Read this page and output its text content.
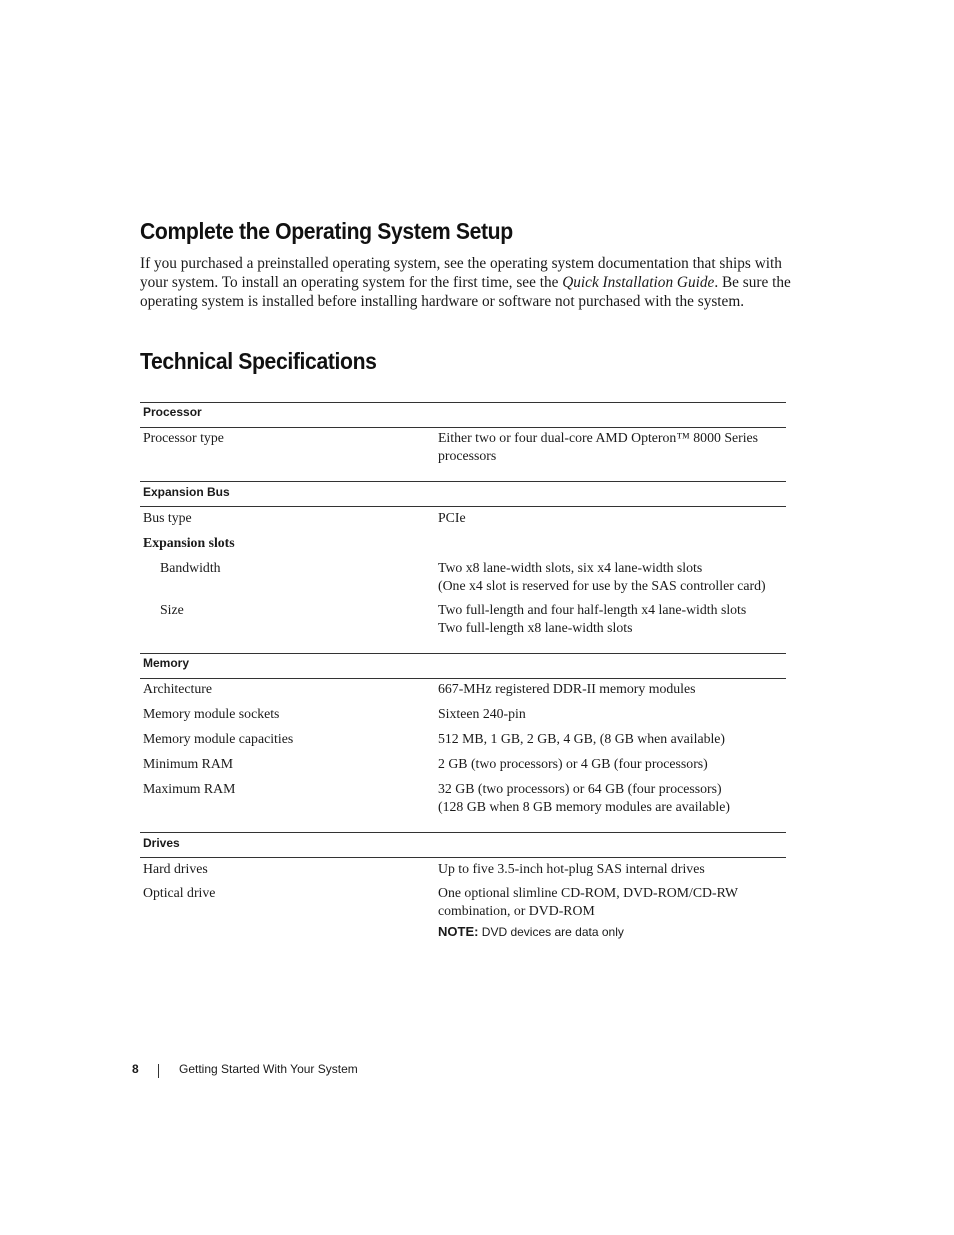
Complete the Operating System Setup

If you purchased a preinstalled operating system, see the operating system documentation that ships with your system. To install an operating system for the first time, see the Quick Installation Guide. Be sure the operating system is installed before installing hardware or software not purchased with the system.

Technical Specifications
Processor
Processor type	Either two or four dual-core AMD Opteron™ 8000 Series
processors
Expansion Bus
Bus type	PCIe
Expansion slots
Bandwidth	Two x8 lane-width slots, six x4 lane-width slots
(One x4 slot is reserved for use by the SAS controller card)
Size	Two full-length and four half-length x4 lane-width slots
Two full-length x8 lane-width slots
Memory
Architecture	667-MHz registered DDR-II memory modules
Memory module sockets	Sixteen 240-pin
Memory module capacities	512 MB, 1 GB, 2 GB, 4 GB, (8 GB when available)
Minimum RAM	2 GB (two processors) or 4 GB (four processors)
Maximum RAM	32 GB (two processors) or 64 GB (four processors)
(128 GB when 8 GB memory modules are available)
Drives
Hard drives	Up to five 3.5-inch hot-plug SAS internal drives
Optical drive	One optional slimline CD-ROM, DVD-ROM/CD-RW
combination, or DVD-ROM
NOTE: DVD devices are data only
8	Getting Started With Your System
